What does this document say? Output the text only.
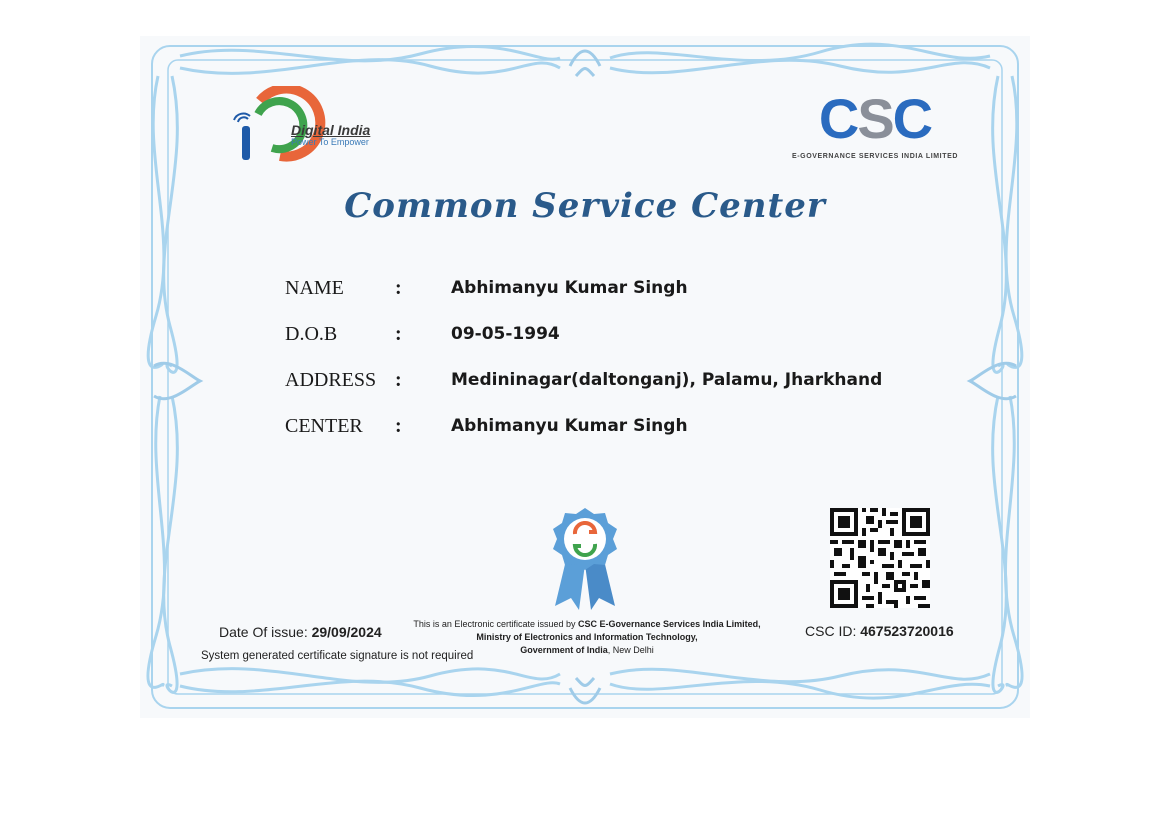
Digital India
Power To Empower	CSC
E-GOVERNANCE SERVICES INDIA LIMITED
Common Service Center
NAME	:	Abhimanyu Kumar Singh
D.O.B	:	09-05-1994
ADDRESS :	Medininagar(daltonganj), Palamu, Jharkhand
CENTER	:	Abhimanyu Kumar Singh
Date Of issue: 29/09/2024
System generated certificate signature is not required
This is an Electronic certificate issued by CSC E-Governance Services India Limited,
Ministry of Electronics and Information Technology,
Government of India, New Delhi
CSC ID: 467523720016
